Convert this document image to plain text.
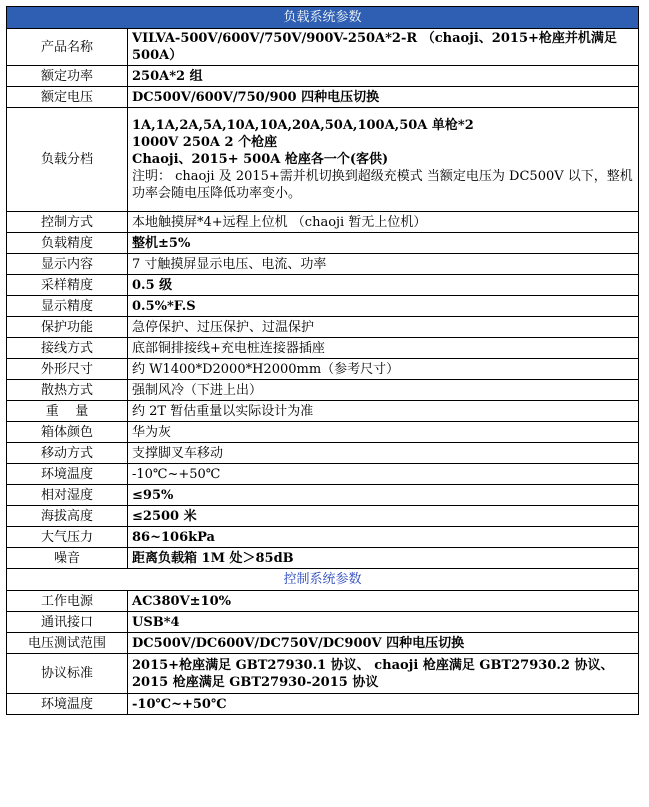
负载系统参数	
产品名称	VILVA-500V/600V/750V/900V-250A*2-R （chaoji、2015+枪座并机满足500A）
额定功率	250A*2 组
额定电压	DC500V/600V/750/900 四种电压切换
负载分档	1A,1A,2A,5A,10A,10A,20A,50A,100A,50A 单枪*2
1000V 250A 2 个枪座
Chaoji、2015+ 500A 枪座各一个(客供)
注明： chaoji 及 2015+需并机切换到超级充模式 当额定电压为 DC500V 以下，整机功率会随电压降低功率变小。

控制方式	本地触摸屏*4+远程上位机 （chaoji 暂无上位机）
负载精度	整机±5%
显示内容	7 寸触摸屏显示电压、电流、功率
采样精度	0.5 级
显示精度	0.5%*F.S
保护功能	急停保护、过压保护、过温保护
接线方式	底部铜排接线+充电桩连接器插座
外形尺寸	约 W1400*D2000*H2000mm（参考尺寸）
散热方式	强制风冷（下进上出）
重    量	约 2T 暂估重量以实际设计为准
箱体颜色	华为灰
移动方式	支撑脚叉车移动
环境温度	-10℃~+50℃
相对湿度	≤95%
海拔高度	≤2500 米
大气压力	86~106kPa
噪音	距离负载箱 1M 处＞85dB
控制系统参数	
工作电源	AC380V±10%
通讯接口	USB*4
电压测试范围	DC500V/DC600V/DC750V/DC900V 四种电压切换
协议标准	2015+枪座满足 GBT27930.1 协议、 chaoji 枪座满足 GBT27930.2 协议、2015 枪座满足 GBT27930-2015 协议
环境温度	-10℃~+50℃
